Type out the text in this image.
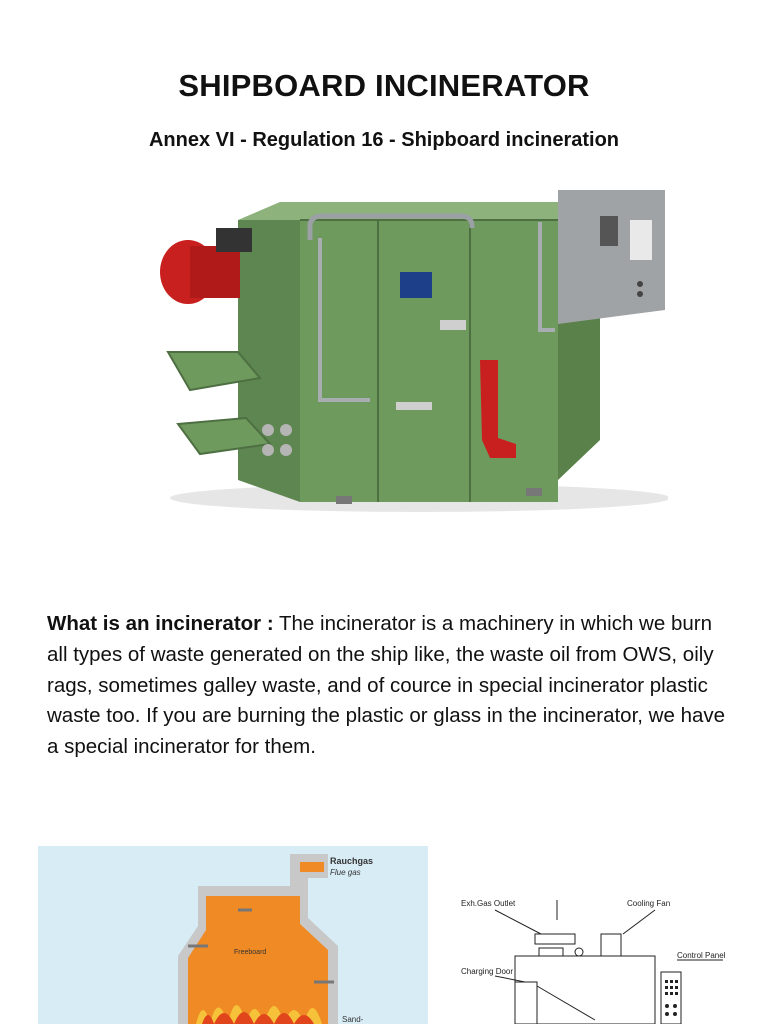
SHIPBOARD INCINERATOR
Annex VI - Regulation 16 - Shipboard incineration
What is an incinerator : The incinerator is a machinery in which we burn all types of waste generated on the ship like, the waste oil from OWS, oily rags, sometimes galley waste, and of cource in special incinerator plastic waste too. If you are burning the plastic or glass in the incinerator, we have a special incinerator for them.
Rauchgas
Flue gas
Freeboard
Sand-
Exh.Gas Outlet	Cooling Fan
Control Panel
Charging Door
